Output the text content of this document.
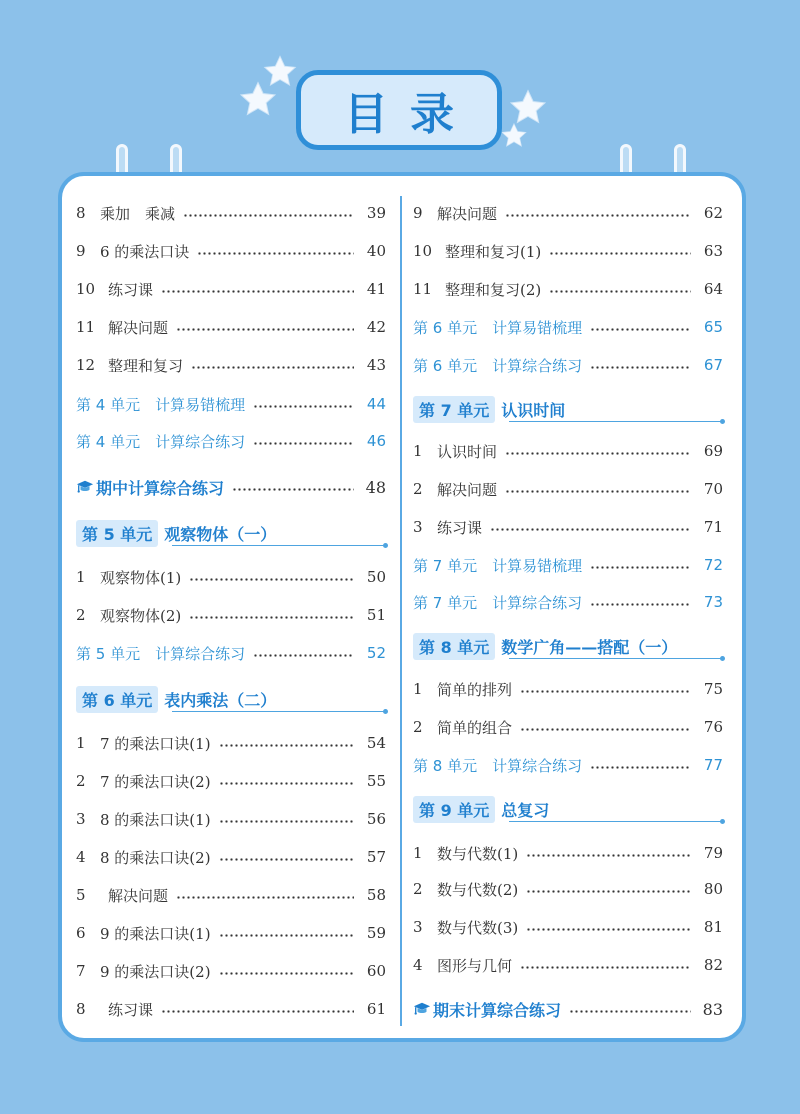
目录
8 乘加　乘减	39
9 6 的乘法口诀	40
10 练习课	41
11 解决问题	42
12 整理和复习	43
第 4 单元　计算易错梳理	44
第 4 单元　计算综合练习	46
期中计算综合练习	48
第 5 单元 观察物体（一）
1 观察物体(1)	50
2 观察物体(2)	51
第 5 单元　计算综合练习	52
第 6 单元 表内乘法（二）
1 7 的乘法口诀(1)	54
2 7 的乘法口诀(2)	55
3 8 的乘法口诀(1)	56
4 8 的乘法口诀(2)	57
5	解决问题	58
6 9 的乘法口诀(1)	59
7 9 的乘法口诀(2)	60
8	练习课	61
9 解决问题	62
10 整理和复习(1)	63
11 整理和复习(2)	64
第 6 单元　计算易错梳理	65
第 6 单元　计算综合练习	67
第 7 单元 认识时间
1 认识时间	69
2 解决问题	70
3 练习课	71
第 7 单元　计算易错梳理	72
第 7 单元　计算综合练习	73
第 8 单元 数学广角——搭配（一）
1 简单的排列	75
2 简单的组合	76
第 8 单元　计算综合练习	77
第 9 单元 总复习
1 数与代数(1)	79
2 数与代数(2)	80
3 数与代数(3)	81
4 图形与几何	82
期末计算综合练习	83
